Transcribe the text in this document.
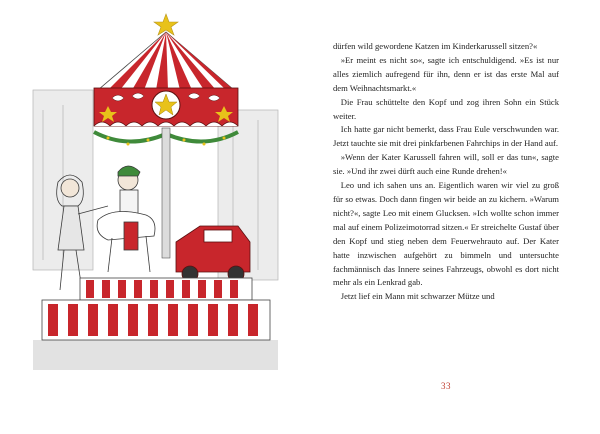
dürfen wild gewordene Katzen im Kinderkarussell sitzen?«

»Er meint es nicht so«, sagte ich entschuldigend. »Es ist nur alles ziemlich aufregend für ihn, denn er ist das erste Mal auf dem Weihnachtsmarkt.«

Die Frau schüttelte den Kopf und zog ihren Sohn ein Stück weiter.

Ich hatte gar nicht bemerkt, dass Frau Eule verschwunden war. Jetzt tauchte sie mit drei pinkfarbenen Fahrchips in der Hand auf.

»Wenn der Kater Karussell fahren will, soll er das tun«, sagte sie. »Und ihr zwei dürft auch eine Runde drehen!«

Leo und ich sahen uns an. Eigentlich waren wir viel zu groß für so etwas. Doch dann fingen wir beide an zu kichern. »Warum nicht?«, sagte Leo mit einem Glucksen. »Ich wollte schon immer mal auf einem Polizeimotorrad sitzen.« Er streichelte Gustaf über den Kopf und stieg neben dem Feuerwehrauto auf. Der Kater hatte inzwischen aufgehört zu bimmeln und untersuchte fachmännisch das Innere seines Fahrzeugs, obwohl es dort nicht mehr als ein Lenkrad gab.

Jetzt lief ein Mann mit schwarzer Mütze und

33
